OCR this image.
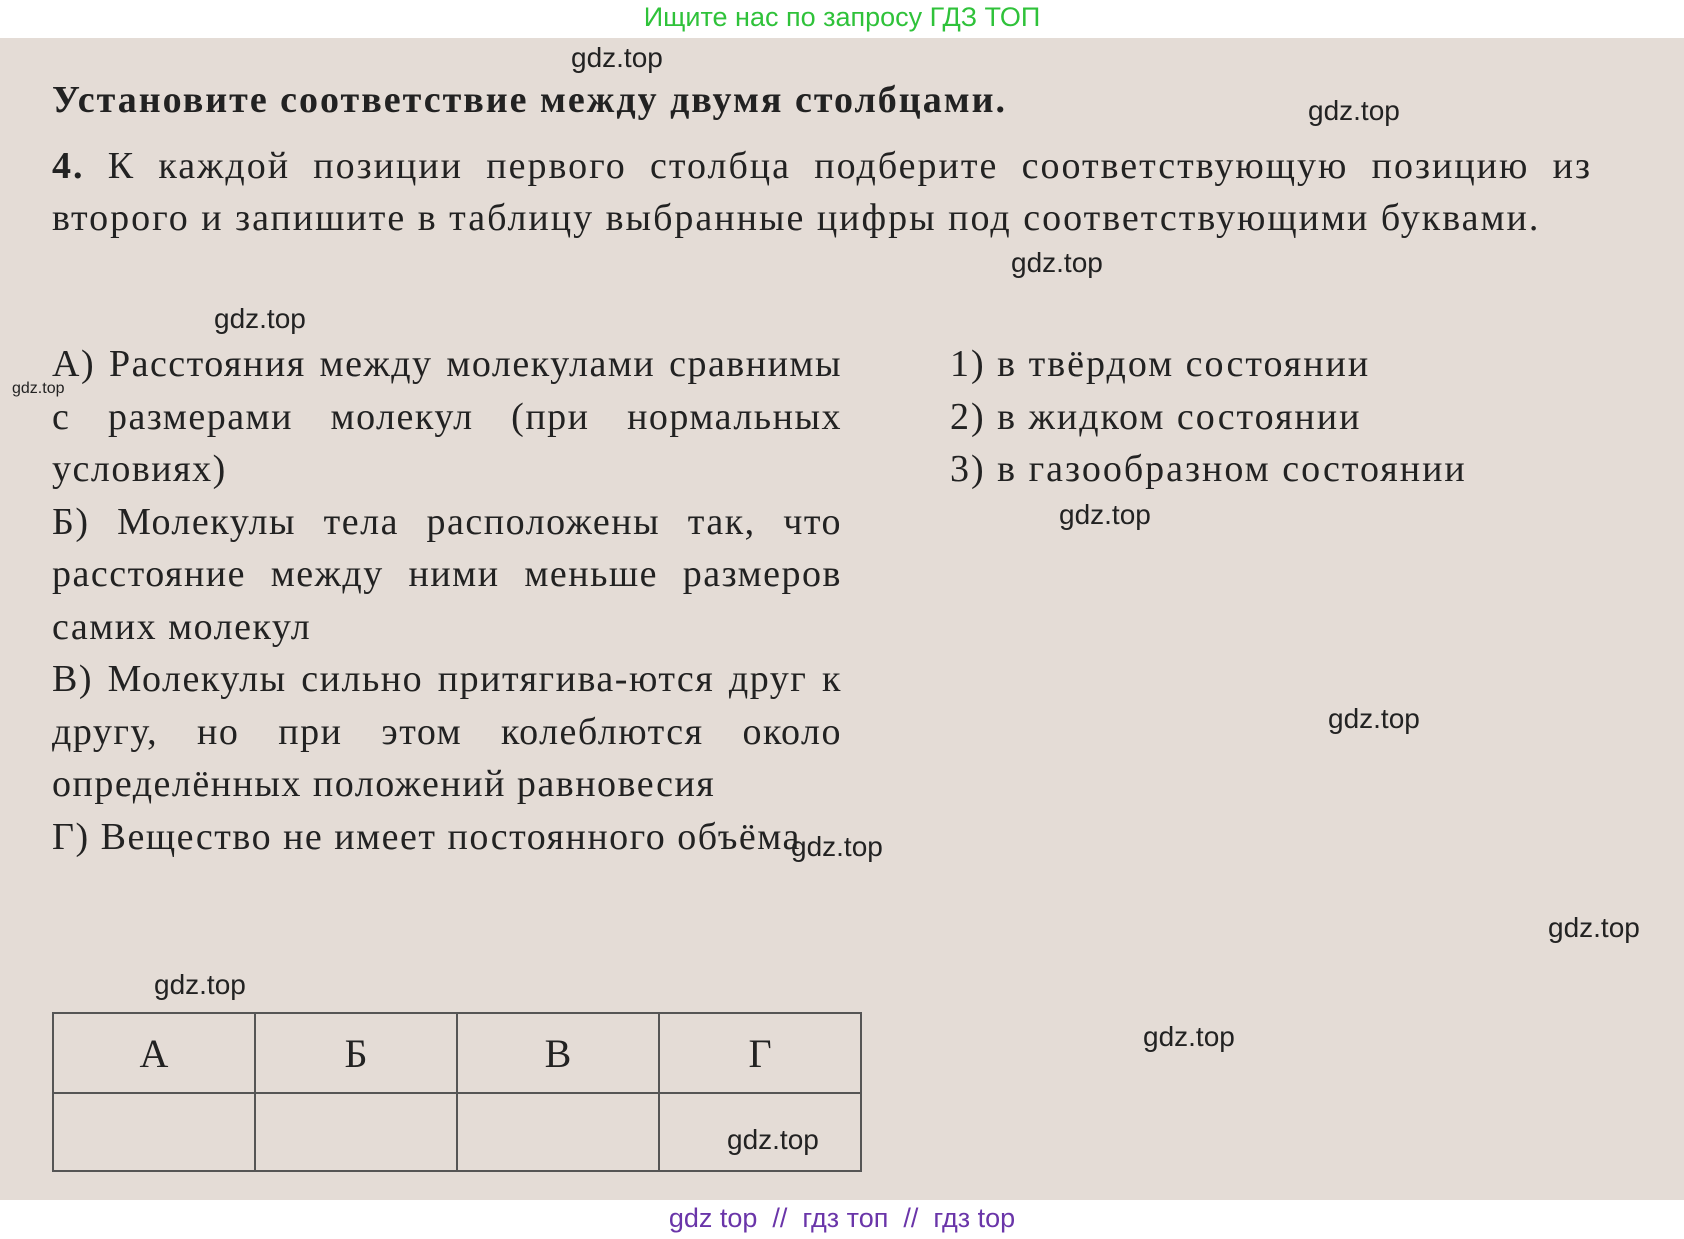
Ищите нас по запросу ГДЗ ТОП
Установите соответствие между двумя столбцами.
4. К каждой позиции первого столбца подберите соответствующую позицию из второго и запишите в таблицу выбранные цифры под соответствующими буквами.
А) Расстояния между молекулами сравнимы с размерами молекул (при нормальных условиях)
Б) Молекулы тела расположены так, что расстояние между ними меньше размеров самих молекул
В) Молекулы сильно притягива-ются друг к другу, но при этом колеблются около определённых положений равновесия
Г) Вещество не имеет постоянного объёма
1) в твёрдом состоянии
2) в жидком состоянии
3) в газообразном состоянии
А	Б	В	Г

gdz.top
gdz.top
gdz.top
gdz.top
gdz.top
gdz.top
gdz.top
gdz.top
gdz.top
gdz.top
gdz.top
gdz.top
gdz top  //  гдз топ  //  гдз top
